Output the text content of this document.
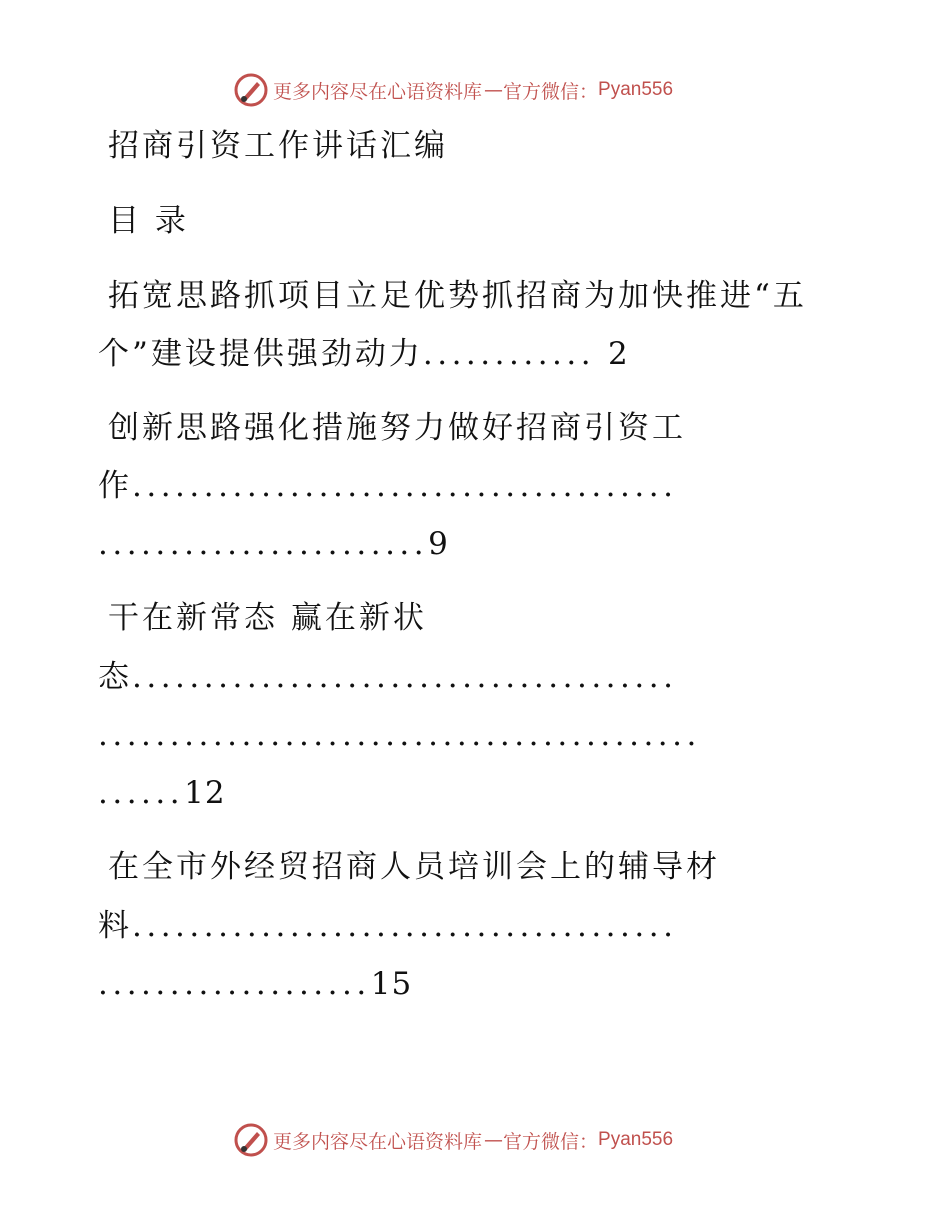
更多内容尽在心语资料库 — 官方微信： Pyan556
招商引资工作讲话汇编
目 录
拓宽思路抓项目立足优势抓招商为加快推进“五
个”建设提供强劲动力............ 2
创新思路强化措施努力做好招商引资工
作......................................
.......................9
干在新常态 赢在新状
态......................................
..........................................
......12
在全市外经贸招商人员培训会上的辅导材
料......................................
...................15
更多内容尽在心语资料库 — 官方微信： Pyan556
